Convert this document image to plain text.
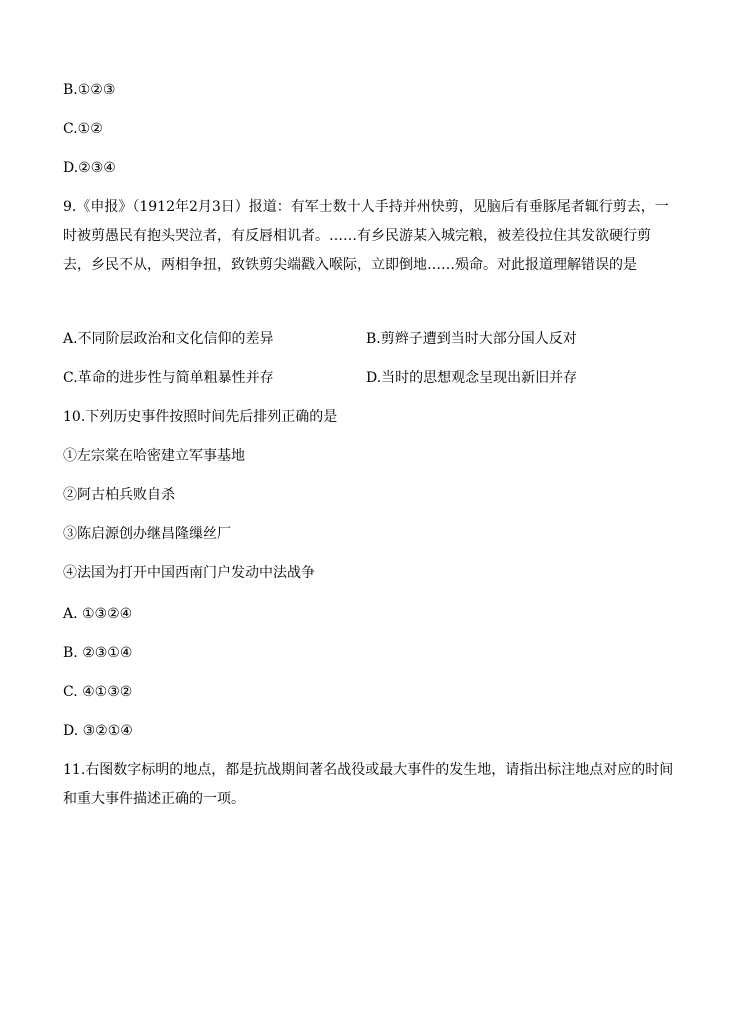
B.①②③
C.①②
D.②③④
9.《申报》（1912年2月3日）报道：有军士数十人手持并州快剪，见脑后有垂豚尾者辄行剪去，一时被剪愚民有抱头哭泣者，有反唇相讥者。……有乡民游某入城完粮，被差役拉住其发欲硬行剪去，乡民不从，两相争扭，致铁剪尖端戳入喉际，立即倒地……殒命。对此报道理解错误的是
A.不同阶层政治和文化信仰的差异	B.剪辫子遭到当时大部分国人反对
C.革命的进步性与简单粗暴性并存	D.当时的思想观念呈现出新旧并存
10.下列历史事件按照时间先后排列正确的是
①左宗棠在哈密建立军事基地
②阿古柏兵败自杀
③陈启源创办继昌隆缫丝厂
④法国为打开中国西南门户发动中法战争
A. ①③②④
B. ②③①④
C. ④①③②
D. ③②①④
11.右图数字标明的地点，都是抗战期间著名战役或最大事件的发生地，请指出标注地点对应的时间和重大事件描述正确的一项。
